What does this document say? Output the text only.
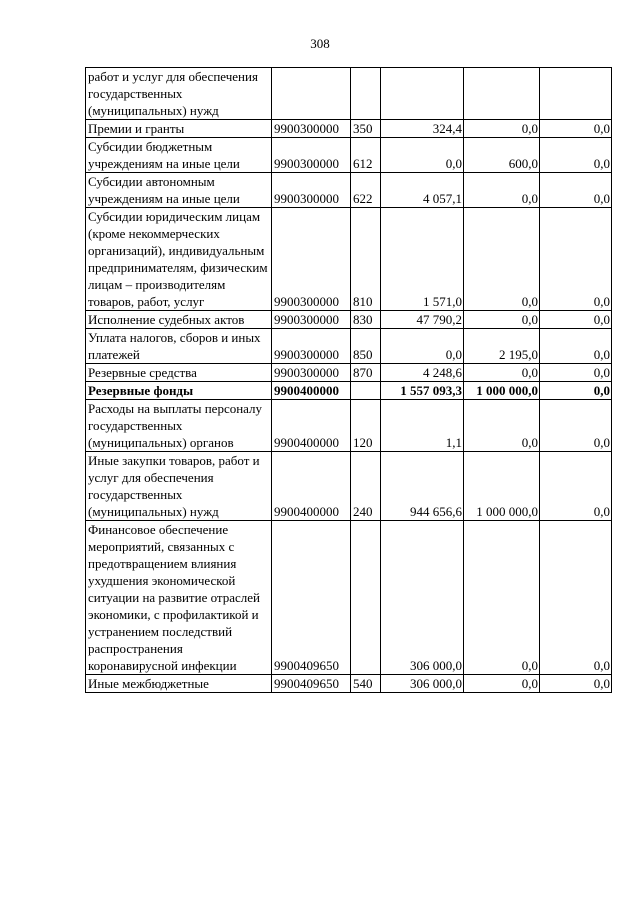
308
работ и услуг для обеспечения государственных (муниципальных) нужд					
Премии и гранты	9900300000	350	324,4	0,0	0,0
Субсидии бюджетным учреждениям на иные цели	9900300000	612	0,0	600,0	0,0
Субсидии автономным учреждениям на иные цели	9900300000	622	4 057,1	0,0	0,0
Субсидии юридическим лицам (кроме некоммерческих организаций), индивидуальным предпринимателям, физическим лицам – производителям товаров, работ, услуг	9900300000	810	1 571,0	0,0	0,0
Исполнение судебных актов	9900300000	830	47 790,2	0,0	0,0
Уплата налогов, сборов и иных платежей	9900300000	850	0,0	2 195,0	0,0
Резервные средства	9900300000	870	4 248,6	0,0	0,0
Резервные фонды	9900400000		1 557 093,3	1 000 000,0	0,0
Расходы на выплаты персоналу государственных (муниципальных) органов	9900400000	120	1,1	0,0	0,0
Иные закупки товаров, работ и услуг для обеспечения государственных (муниципальных) нужд	9900400000	240	944 656,6	1 000 000,0	0,0
Финансовое обеспечение мероприятий, связанных с предотвращением влияния ухудшения экономической ситуации на развитие отраслей экономики, с профилактикой и устранением последствий распространения коронавирусной инфекции	9900409650		306 000,0	0,0	0,0
Иные межбюджетные	9900409650	540	306 000,0	0,0	0,0
